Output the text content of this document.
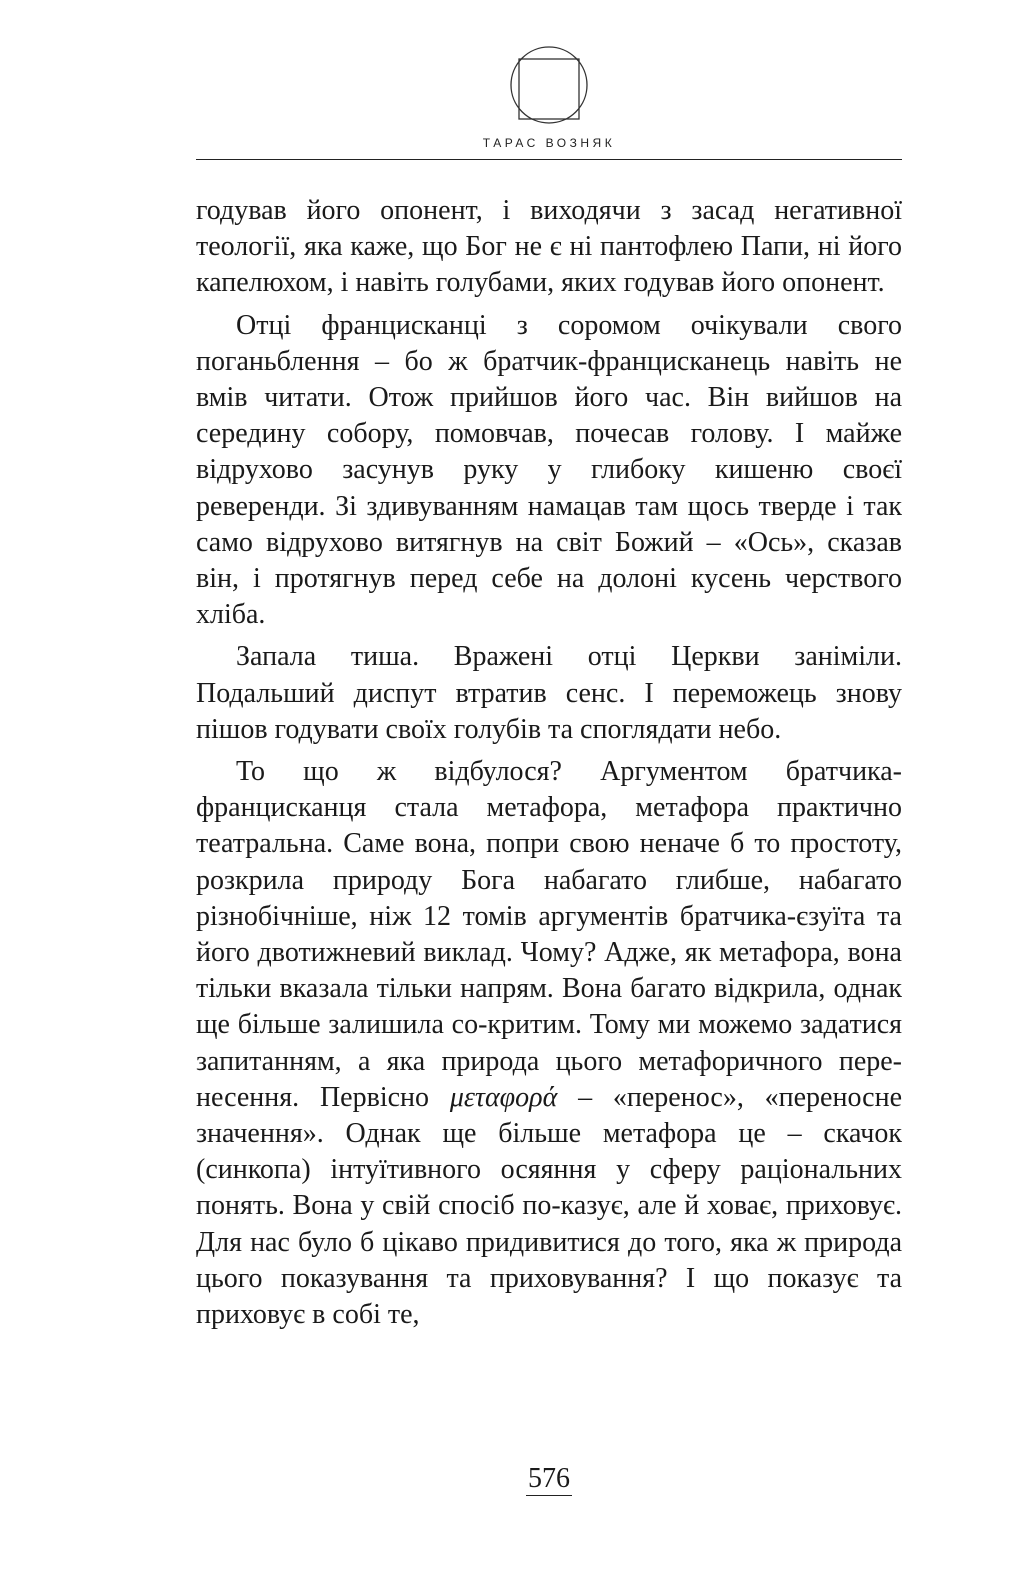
ТАРАС ВОЗНЯК

годував його опонент, і виходячи з засад негативної теології, яка каже, що Бог не є ні пантофлею Папи, ні його капелюхом, і навіть голубами, яких годував його опонент.

Отці францисканці з соромом очікували свого поганьблення – бо ж братчик-францисканець навіть не вмів читати. Отож прийшов його час. Він вийшов на середину собору, помовчав, почесав голову. І майже відрухово засунув руку у глибоку кишеню своєї реверенди. Зі здивуванням намацав там щось тверде і так само відрухово витягнув на світ Божий – «Ось», сказав він, і протягнув перед себе на долоні кусень черствого хліба.

Запала тиша. Вражені отці Церкви заніміли. Подальший диспут втратив сенс. І переможець знову пішов годувати своїх голубів та споглядати небо.

То що ж відбулося? Аргументом братчика-францисканця стала метафора, метафора практично театральна. Саме вона, попри свою неначе б то простоту, розкрила природу Бога набагато глибше, набагато різнобічніше, ніж 12 томів аргументів братчика-єзуїта та його двотижневий виклад. Чому? Адже, як метафора, вона тільки вказала тільки напрям. Вона багато відкрила, однак ще більше залишила со-критим. Тому ми можемо задатися запитанням, а яка природа цього метафоричного пере-несення. Первісно μεταφορά – «перенос», «переносне значення». Однак ще більше метафора це – скачок (синкопа) інтуїтивного осяяння у сферу раціональних понять. Вона у свій спосіб по-казує, але й ховає, приховує. Для нас було б цікаво придивитися до того, яка ж природа цього показування та приховування? І що показує та приховує в собі те,

576
